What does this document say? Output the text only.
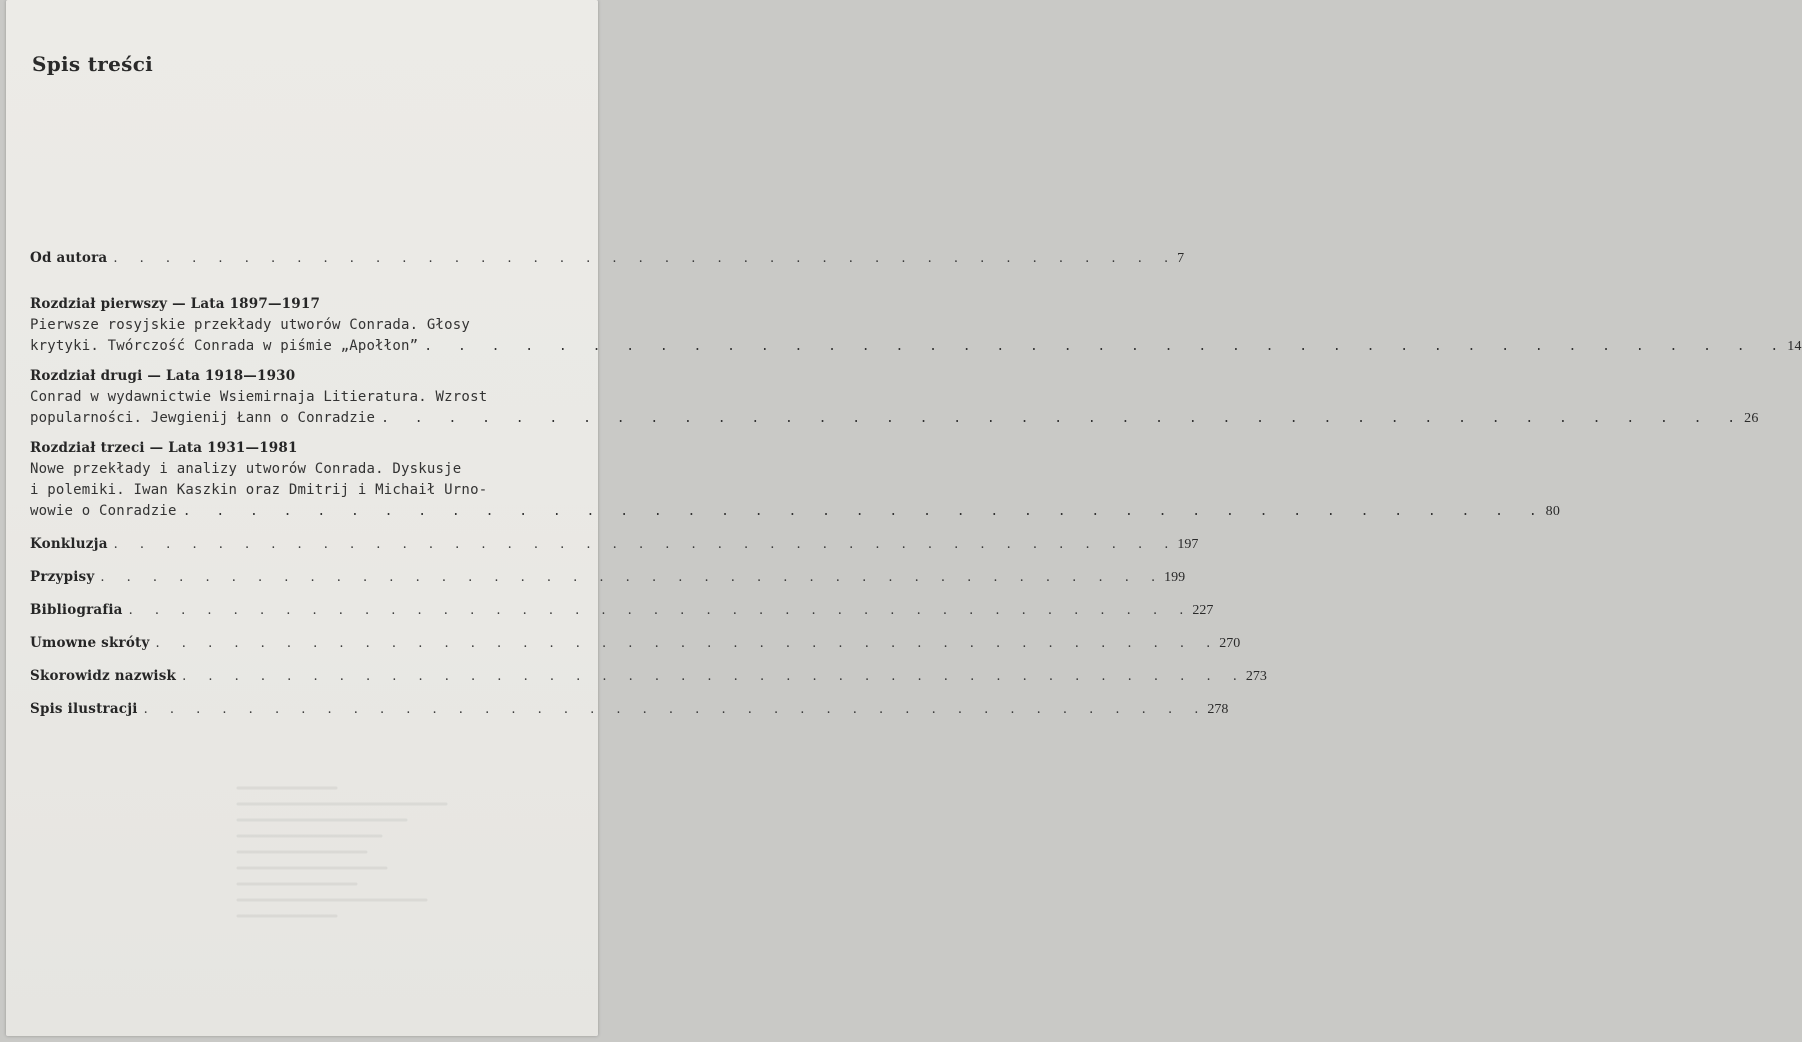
Spis treści
Od autora . . . . . . . . . . . . . . . . . . . . . . . . . . . . . . . . . . . . . . . . . 7
Rozdział pierwszy — Lata 1897—1917
Pierwsze rosyjskie przekłady utworów Conrada. Głosy
krytyki. Twórczość Conrada w piśmie „Apołłon” . . . . . . . . . . . . . . . . . . . . . . . . . . . . . . . . . . . . . . . . . 14
Rozdział drugi — Lata 1918—1930
Conrad w wydawnictwie Wsiemirnaja Litieratura. Wzrost
popularności. Jewgienij Łann o Conradzie . . . . . . . . . . . . . . . . . . . . . . . . . . . . . . . . . . . . . . . . . 26
Rozdział trzeci — Lata 1931—1981
Nowe przekłady i analizy utworów Conrada. Dyskusje
i polemiki. Iwan Kaszkin oraz Dmitrij i Michaił Urno-
wowie o Conradzie . . . . . . . . . . . . . . . . . . . . . . . . . . . . . . . . . . . . . . . . . 80
Konkluzja . . . . . . . . . . . . . . . . . . . . . . . . . . . . . . . . . . . . . . . . . 197
Przypisy . . . . . . . . . . . . . . . . . . . . . . . . . . . . . . . . . . . . . . . . . 199
Bibliografia . . . . . . . . . . . . . . . . . . . . . . . . . . . . . . . . . . . . . . . . . 227
Umowne skróty . . . . . . . . . . . . . . . . . . . . . . . . . . . . . . . . . . . . . . . . . 270
Skorowidz nazwisk . . . . . . . . . . . . . . . . . . . . . . . . . . . . . . . . . . . . . . . . . 273
Spis ilustracji . . . . . . . . . . . . . . . . . . . . . . . . . . . . . . . . . . . . . . . . . 278
